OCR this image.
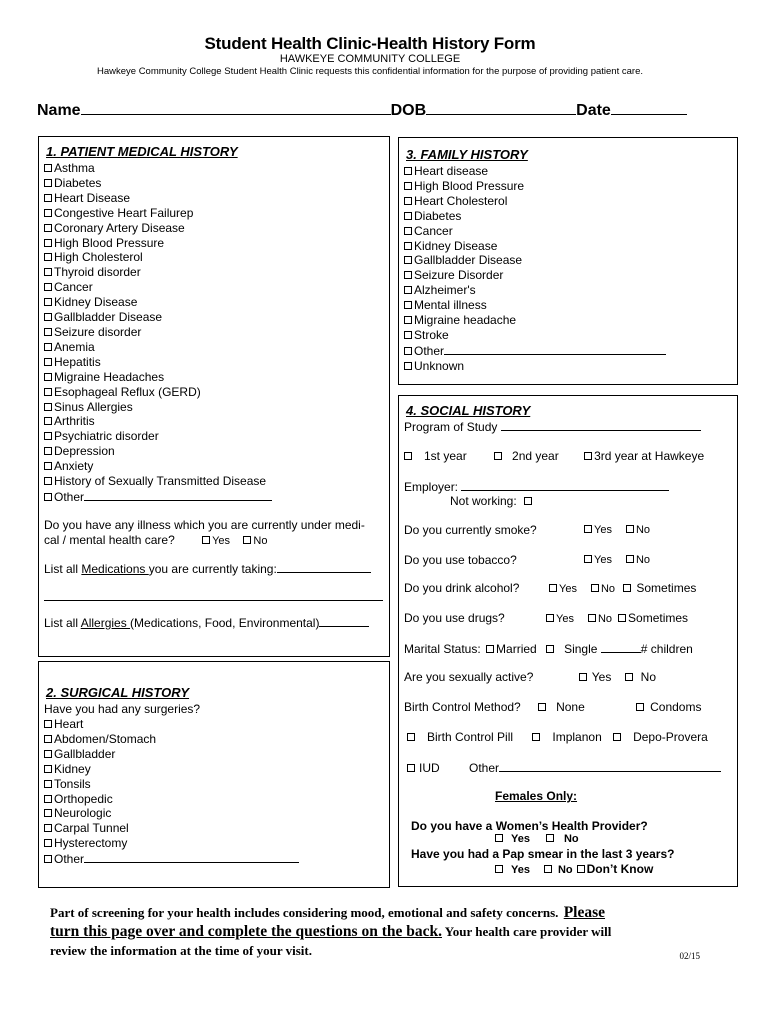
Student Health Clinic-Health History Form
HAWKEYE COMMUNITY COLLEGE
Hawkeye Community College Student Health Clinic requests this confidential information for the purpose of providing patient care.
Name	DOB	Date
1. PATIENT MEDICAL HISTORY
Asthma
Diabetes
Heart Disease
Congestive Heart Failurep
Coronary Artery Disease
High Blood Pressure
High Cholesterol
Thyroid disorder
Cancer
Kidney Disease
Gallbladder Disease
Seizure disorder
Anemia
Hepatitis
Migraine Headaches
Esophageal Reflux (GERD)
Sinus Allergies
Arthritis
Psychiatric disorder
Depression
Anxiety
History of Sexually Transmitted Disease
Other
Do you have any illness which you are currently under medi-
cal / mental health care?	Yes No
List all Medications you are currently taking:
List all Allergies (Medications, Food, Environmental)
2. SURGICAL HISTORY
Have you had any surgeries?
Heart
Abdomen/Stomach
Gallbladder
Kidney
Tonsils
Orthopedic
Neurologic
Carpal Tunnel
Hysterectomy
Other
3. FAMILY HISTORY
Heart disease
High Blood Pressure
Heart Cholesterol
Diabetes
Cancer
Kidney Disease
Gallbladder Disease
Seizure Disorder
Alzheimer's
Mental illness
Migraine headache
Stroke
Other
Unknown
4. SOCIAL HISTORY
Program of Study
1st year	2nd year	3rd year at Hawkeye
Employer:
Not working:
Do you currently smoke?	Yes No
Do you use tobacco?	Yes No
Do you drink alcohol?	Yes No Sometimes
Do you use drugs?	Yes No Sometimes
Marital Status: Married Single	# children
Are you sexually active?	Yes No
Birth Control Method?	None	Condoms
Birth Control Pill	Implanon	Depo-Provera
IUD Other
Females Only:
Do you have a Women’s Health Provider?
Yes	No
Have you had a Pap smear in the last 3 years?
Yes	No Don’t Know
Part of screening for your health includes considering mood, emotional and safety concerns. Please
turn this page over and complete the questions on the back. Your health care provider will
review the information at the time of your visit.	02/15
